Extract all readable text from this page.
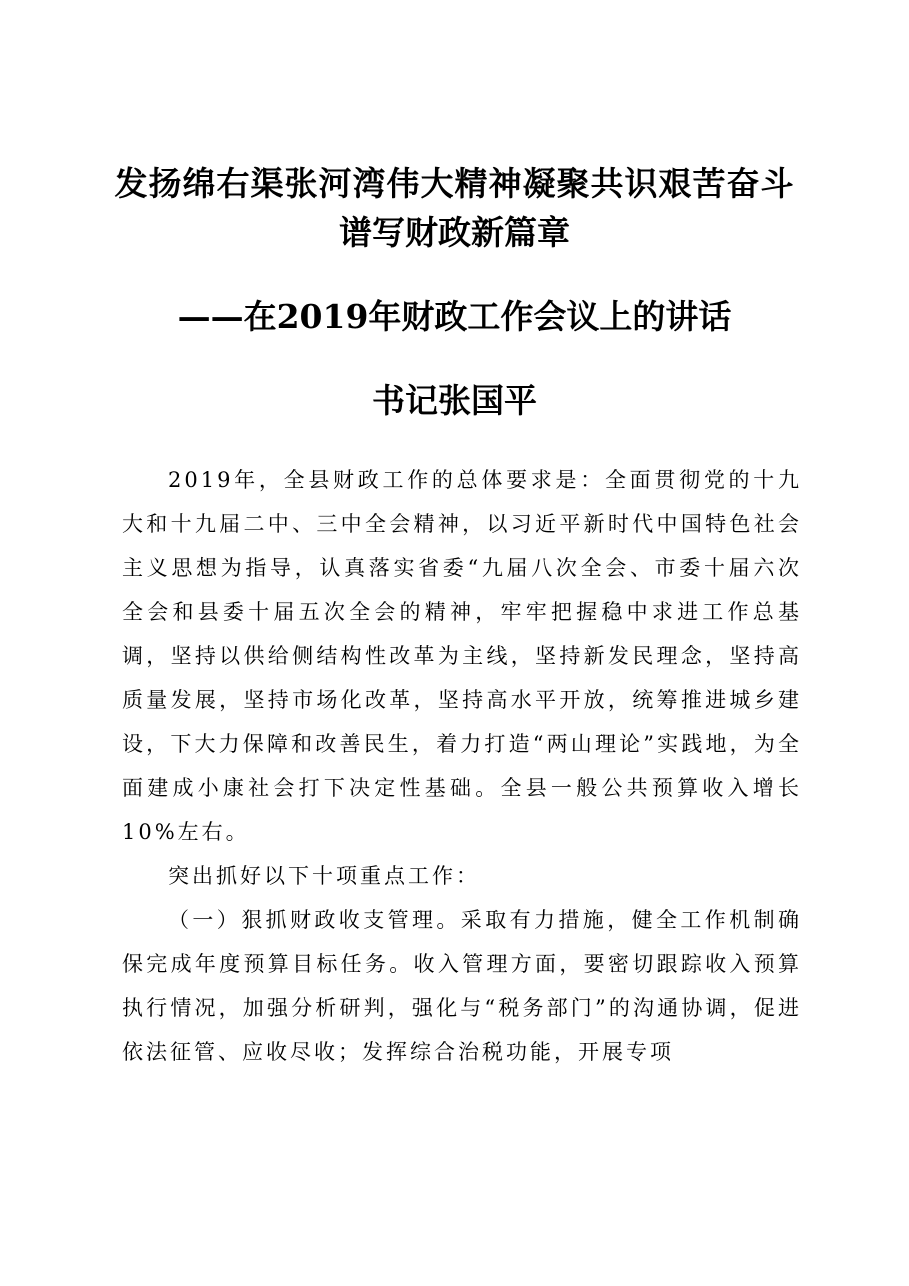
发扬绵右渠张河湾伟大精神凝聚共识艰苦奋斗
谱写财政新篇章
——在2019年财政工作会议上的讲话
书记张国平

2019年，全县财政工作的总体要求是：全面贯彻党的十九大和十九届二中、三中全会精神，以习近平新时代中国特色社会主义思想为指导，认真落实省委“九届八次全会、市委十届六次全会和县委十届五次全会的精神，牢牢把握稳中求进工作总基调，坚持以供给侧结构性改革为主线，坚持新发民理念，坚持高质量发展，坚持市场化改革，坚持高水平开放，统筹推进城乡建设，下大力保障和改善民生，着力打造“两山理论”实践地，为全面建成小康社会打下决定性基础。全县一般公共预算收入增长10%左右。

突出抓好以下十项重点工作：

（一）狠抓财政收支管理。采取有力措施，健全工作机制确保完成年度预算目标任务。收入管理方面，要密切跟踪收入预算执行情况，加强分析研判，强化与“税务部门”的沟通协调，促进依法征管、应收尽收；发挥综合治税功能，开展专项
